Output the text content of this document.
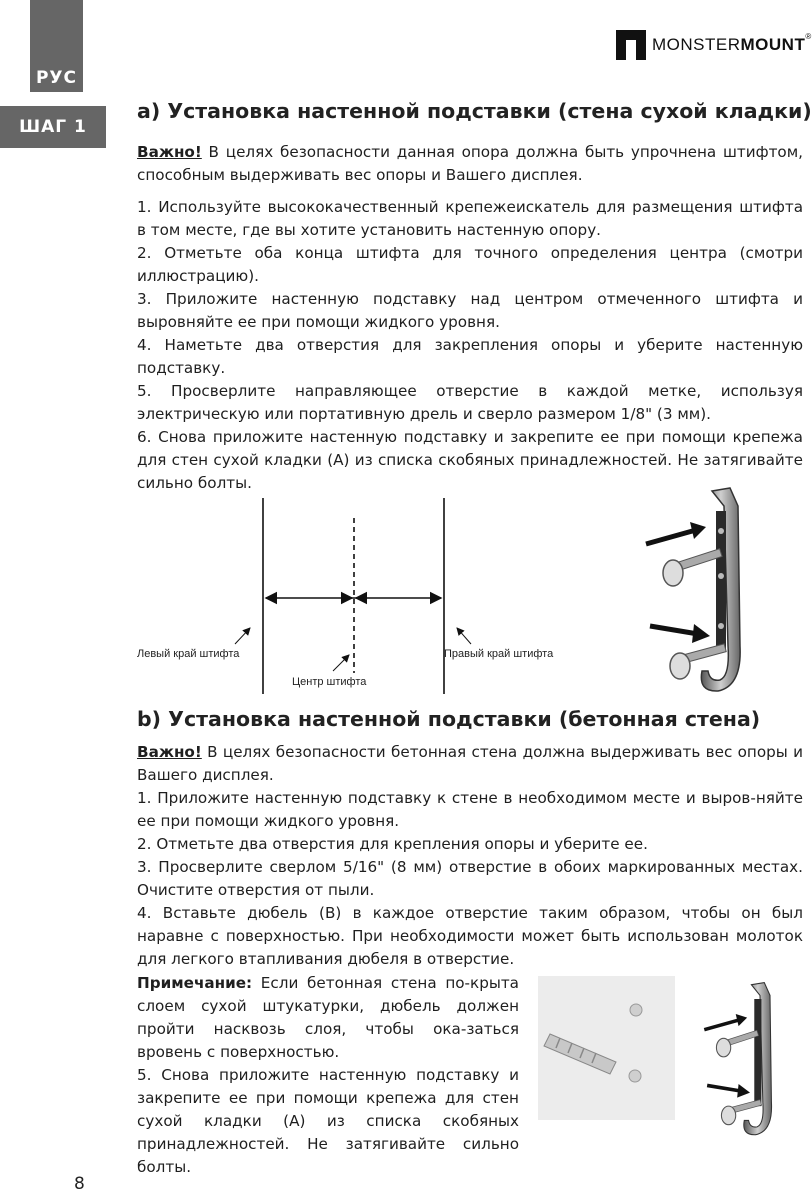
РУС
ШАГ 1
MONSTERMOUNT®
a) Установка настенной подставки (стена сухой кладки)

Важно! В целях безопасности данная опора должна быть упрочнена штифтом, способным выдерживать вес опоры и Вашего дисплея.

1. Используйте высококачественный крепежеискатель для размещения штифта в том месте, где вы хотите установить настенную опору.

2. Отметьте оба конца штифта для точного определения центра (смотри иллюстрацию).

3. Приложите настенную подставку над центром отмеченного штифта и выровняйте ее при помощи жидкого уровня.

4. Наметьте два отверстия для закрепления опоры и уберите настенную подставку.

5. Просверлите направляющее отверстие в каждой метке, используя электрическую или портативную дрель и сверло размером 1/8" (3 мм).

6. Снова приложите настенную подставку и закрепите ее при помощи крепежа для стен сухой кладки (А) из списка скобяных принадлежностей. Не затягивайте сильно болты.

Левый край штифта
Центр штифта
Правый край штифта
b) Установка настенной подставки (бетонная стена)

Важно! В целях безопасности бетонная стена должна выдерживать вес опоры и Вашего дисплея.

1. Приложите настенную подставку к стене в необходимом месте и выров-няйте ее при помощи жидкого уровня.

2. Отметьте два отверстия для крепления опоры и уберите ее.

3. Просверлите сверлом 5/16" (8 мм) отверстие в обоих маркированных местах. Очистите отверстия от пыли.

4. Вставьте дюбель (В) в каждое отверстие таким образом, чтобы он был наравне с поверхностью. При необходимости может быть использован молоток для легкого втапливания дюбеля в отверстие.

Примечание: Если бетонная стена по-крыта слоем сухой штукатурки, дюбель должен пройти насквозь слоя, чтобы ока-заться вровень с поверхностью.

5. Снова приложите настенную подставку и закрепите ее при помощи крепежа для стен сухой кладки (А) из списка скобяных принадлежностей. Не затягивайте сильно болты.

8
